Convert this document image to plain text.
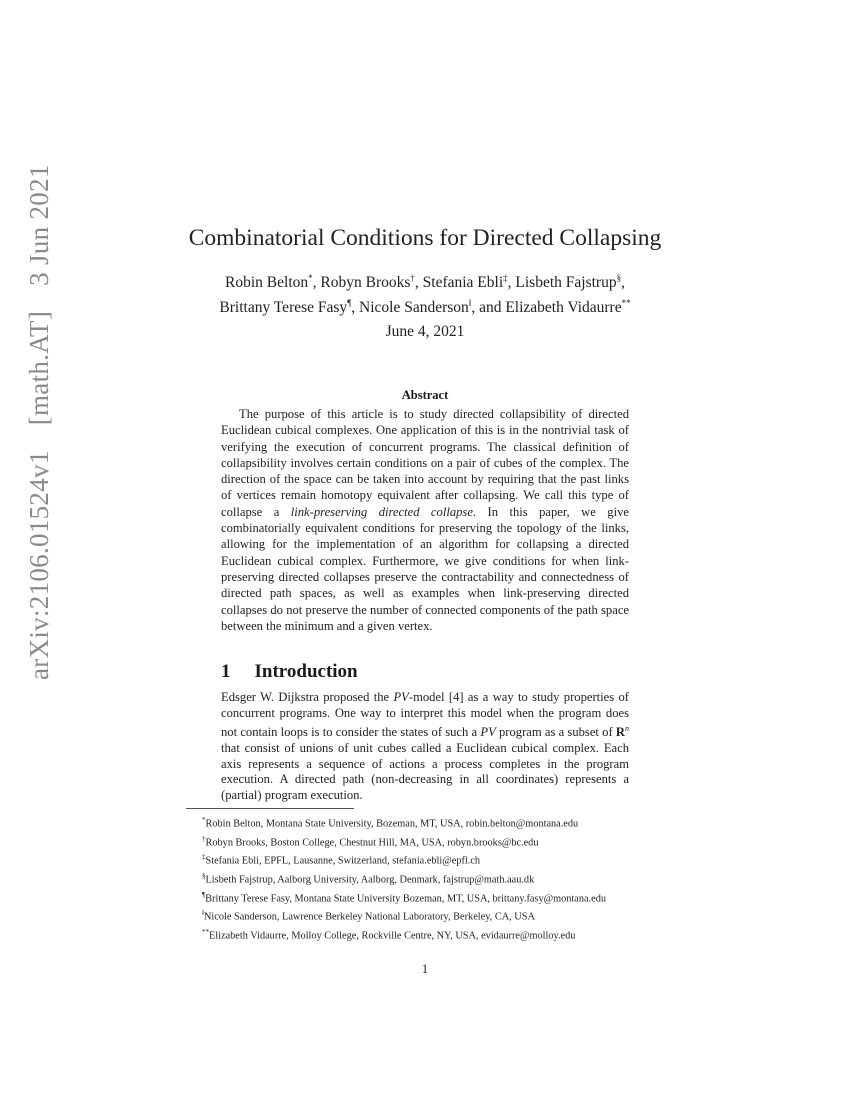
arXiv:2106.01524v1 [math.AT] 3 Jun 2021	Combinatorial Conditions for Directed Collapsing
Robin Belton*, Robyn Brooks†, Stefania Ebli‡, Lisbeth Fajstrup§,
Brittany Terese Fasy¶, Nicole Sanderson‖, and Elizabeth Vidaurre**
June 4, 2021
Abstract
The purpose of this article is to study directed collapsibility of directed Euclidean cubical complexes. One application of this is in the nontrivial task of verifying the execution of concurrent programs. The classical definition of collapsibility involves certain conditions on a pair of cubes of the complex. The direction of the space can be taken into account by requiring that the past links of vertices remain homotopy equivalent after collapsing. We call this type of collapse a link-preserving directed collapse. In this paper, we give combinatorially equivalent conditions for preserving the topology of the links, allowing for the implementation of an algorithm for collapsing a directed Euclidean cubical complex. Furthermore, we give conditions for when link-preserving directed collapses preserve the contractability and connectedness of directed path spaces, as well as examples when link-preserving directed collapses do not preserve the number of connected components of the path space between the minimum and a given vertex.
1 Introduction
Edsger W. Dijkstra proposed the PV-model [4] as a way to study properties of concurrent programs. One way to interpret this model when the program does not contain loops is to consider the states of such a PV program as a subset of $R^n$ that consist of unions of unit cubes called a Euclidean cubical complex. Each axis represents a sequence of actions a process completes in the program execution. A directed path (non-decreasing in all coordinates) represents a (partial) program execution.
*Robin Belton, Montana State University, Bozeman, MT, USA, robin.belton@montana.edu
†Robyn Brooks, Boston College, Chestnut Hill, MA, USA, robyn.brooks@bc.edu
‡Stefania Ebli, EPFL, Lausanne, Switzerland, stefania.ebli@epfl.ch
§Lisbeth Fajstrup, Aalborg University, Aalborg, Denmark, fajstrup@math.aau.dk
¶Brittany Terese Fasy, Montana State University Bozeman, MT, USA, brittany.fasy@montana.edu
‖Nicole Sanderson, Lawrence Berkeley National Laboratory, Berkeley, CA, USA
**Elizabeth Vidaurre, Molloy College, Rockville Centre, NY, USA, evidaurre@molloy.edu
1
